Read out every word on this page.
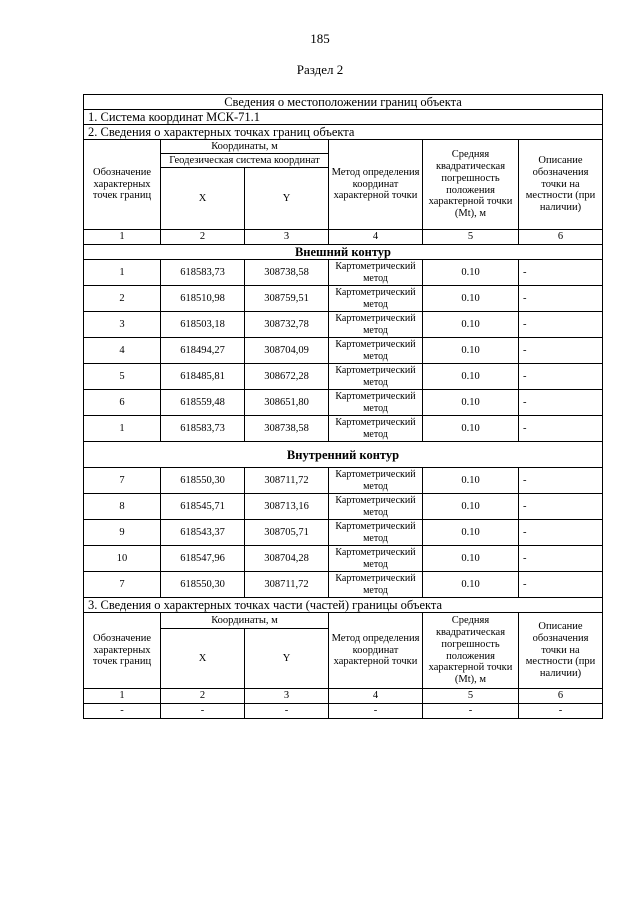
185
Раздел 2
Сведения о местоположении границ объекта					
1. Система координат МСК-71.1					
2. Сведения о характерных точках границ объекта					
Обозначение характерных точек границ	Координаты, м		Метод определения координат характерной точки	Средняя квадратическая погрешность положения характерной точки (Mt), м	Описание обозначения точки на местности (при наличии)
	Геодезическая система координат				
	X	Y			
1	2	3	4	5	6
Внешний контур					
1	618583,73	308738,58	Картометрический метод	0.10	-
2	618510,98	308759,51	Картометрический метод	0.10	-
3	618503,18	308732,78	Картометрический метод	0.10	-
4	618494,27	308704,09	Картометрический метод	0.10	-
5	618485,81	308672,28	Картометрический метод	0.10	-
6	618559,48	308651,80	Картометрический метод	0.10	-
1	618583,73	308738,58	Картометрический метод	0.10	-
Внутренний контур					
7	618550,30	308711,72	Картометрический метод	0.10	-
8	618545,71	308713,16	Картометрический метод	0.10	-
9	618543,37	308705,71	Картометрический метод	0.10	-
10	618547,96	308704,28	Картометрический метод	0.10	-
7	618550,30	308711,72	Картометрический метод	0.10	-
3. Сведения о характерных точках части (частей) границы объекта					
Обозначение характерных точек границ	Координаты, м		Метод определения координат характерной точки	Средняя квадратическая погрешность положения характерной точки (Mt), м	Описание обозначения точки на местности (при наличии)
	X	Y			
1	2	3	4	5	6
-	-	-	-	-	-
